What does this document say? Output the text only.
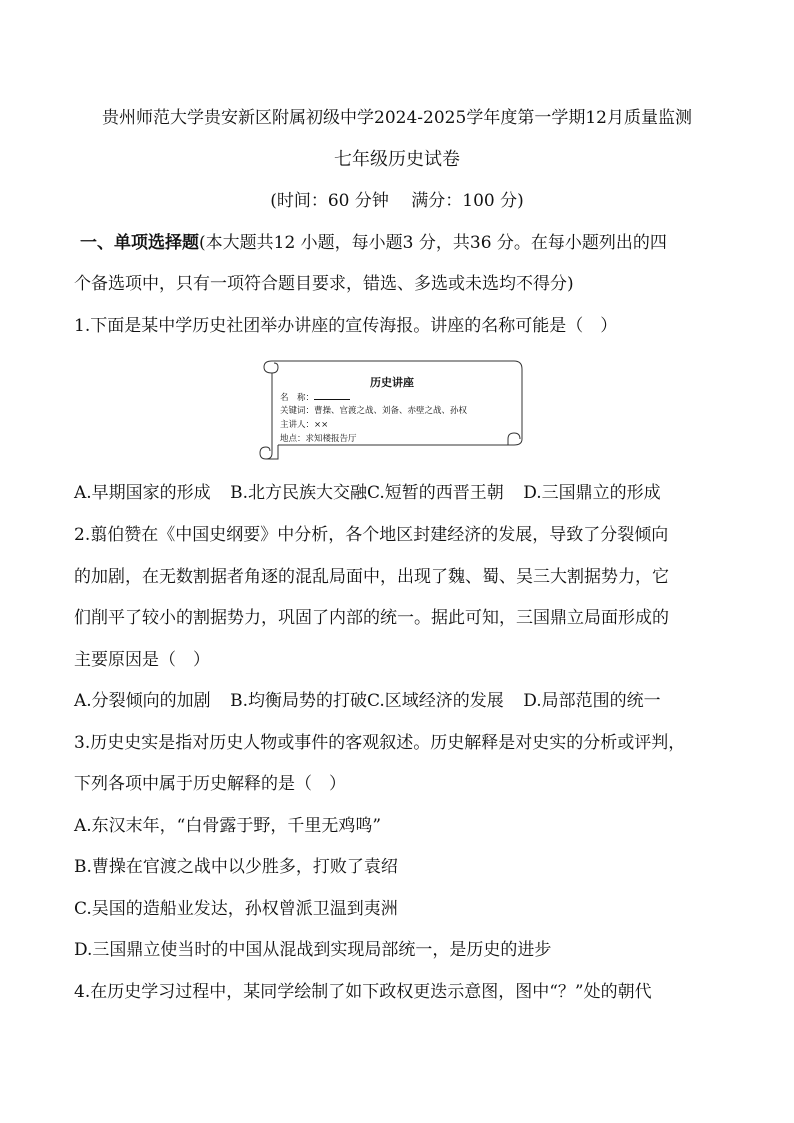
贵州师范大学贵安新区附属初级中学2024-2025学年度第一学期12月质量监测
七年级历史试卷
(时间：60 分钟　 满分：100 分)
一、单项选择题(本大题共12 小题，每小题3 分，共36 分。在每小题列出的四
个备选项中，只有一项符合题目要求，错选、多选或未选均不得分)
1.下面是某中学历史社团举办讲座的宣传海报。讲座的名称可能是（　）
历史讲座
名　称：
关键词：曹操、官渡之战、刘备、赤壁之战、孙权
主讲人：××
地点：求知楼报告厅
A.早期国家的形成 B.北方民族大交融C.短暂的西晋王朝 D.三国鼎立的形成
2.翦伯赞在《中国史纲要》中分析，各个地区封建经济的发展，导致了分裂倾向
的加剧，在无数割据者角逐的混乱局面中，出现了魏、蜀、吴三大割据势力，它
们削平了较小的割据势力，巩固了内部的统一。据此可知，三国鼎立局面形成的
主要原因是（　）
A.分裂倾向的加剧 B.均衡局势的打破C.区域经济的发展 D.局部范围的统一
3.历史史实是指对历史人物或事件的客观叙述。历史解释是对史实的分析或评判，
下列各项中属于历史解释的是（　）
A.东汉末年，“白骨露于野，千里无鸡鸣”
B.曹操在官渡之战中以少胜多，打败了袁绍
C.吴国的造船业发达，孙权曾派卫温到夷洲
D.三国鼎立使当时的中国从混战到实现局部统一，是历史的进步
4.在历史学习过程中，某同学绘制了如下政权更迭示意图，图中“？”处的朝代
